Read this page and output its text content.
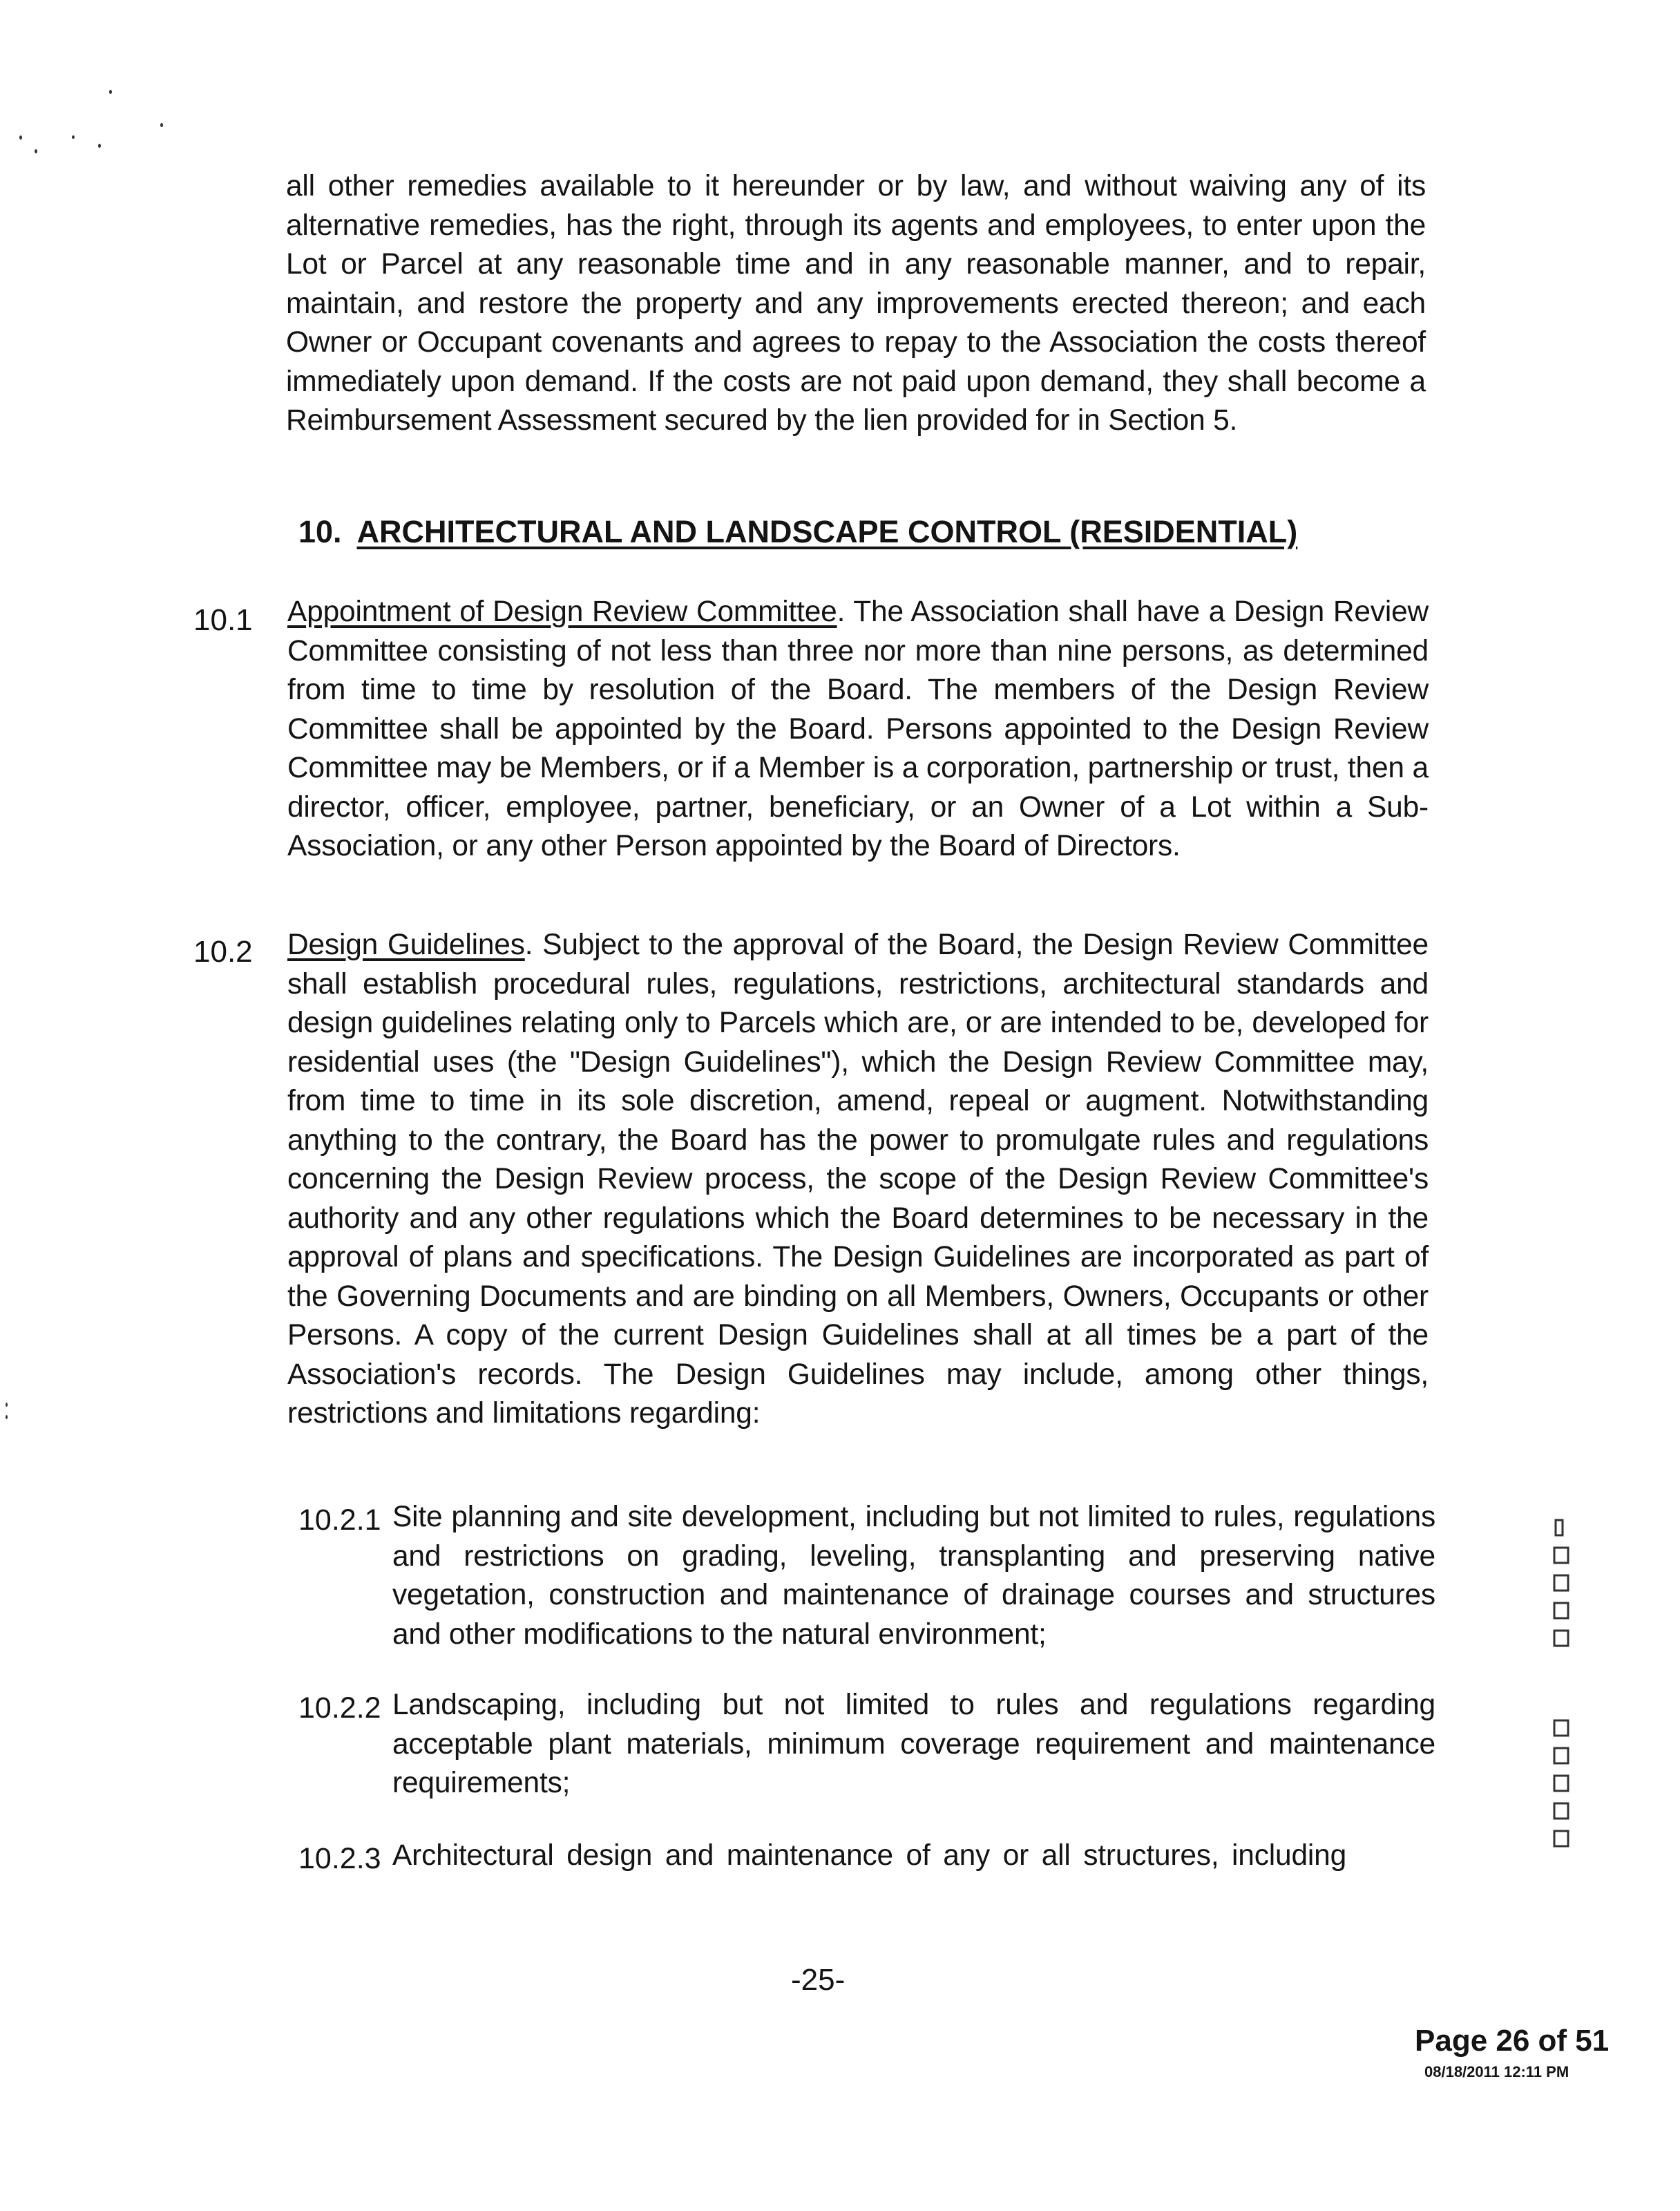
all other remedies available to it hereunder or by law, and without waiving any of its alternative remedies, has the right, through its agents and employees, to enter upon the Lot or Parcel at any reasonable time and in any reasonable manner, and to repair, maintain, and restore the property and any improvements erected thereon; and each Owner or Occupant covenants and agrees to repay to the Association the costs thereof immediately upon demand. If the costs are not paid upon demand, they shall become a Reimbursement Assessment secured by the lien provided for in Section 5.
10. ARCHITECTURAL AND LANDSCAPE CONTROL (RESIDENTIAL)
10.1 Appointment of Design Review Committee. The Association shall have a Design Review Committee consisting of not less than three nor more than nine persons, as determined from time to time by resolution of the Board. The members of the Design Review Committee shall be appointed by the Board. Persons appointed to the Design Review Committee may be Members, or if a Member is a corporation, partnership or trust, then a director, officer, employee, partner, beneficiary, or an Owner of a Lot within a Sub-Association, or any other Person appointed by the Board of Directors.
10.2 Design Guidelines. Subject to the approval of the Board, the Design Review Committee shall establish procedural rules, regulations, restrictions, architectural standards and design guidelines relating only to Parcels which are, or are intended to be, developed for residential uses (the "Design Guidelines"), which the Design Review Committee may, from time to time in its sole discretion, amend, repeal or augment. Notwithstanding anything to the contrary, the Board has the power to promulgate rules and regulations concerning the Design Review process, the scope of the Design Review Committee's authority and any other regulations which the Board determines to be necessary in the approval of plans and specifications. The Design Guidelines are incorporated as part of the Governing Documents and are binding on all Members, Owners, Occupants or other Persons. A copy of the current Design Guidelines shall at all times be a part of the Association's records. The Design Guidelines may include, among other things, restrictions and limitations regarding:
10.2.1 Site planning and site development, including but not limited to rules, regulations and restrictions on grading, leveling, transplanting and preserving native vegetation, construction and maintenance of drainage courses and structures and other modifications to the natural environment;
10.2.2 Landscaping, including but not limited to rules and regulations regarding acceptable plant materials, minimum coverage requirement and maintenance requirements;
10.2.3 Architectural design and maintenance of any or all structures, including
-25-
Page 26 of 51
08/18/2011 12:11 PM
